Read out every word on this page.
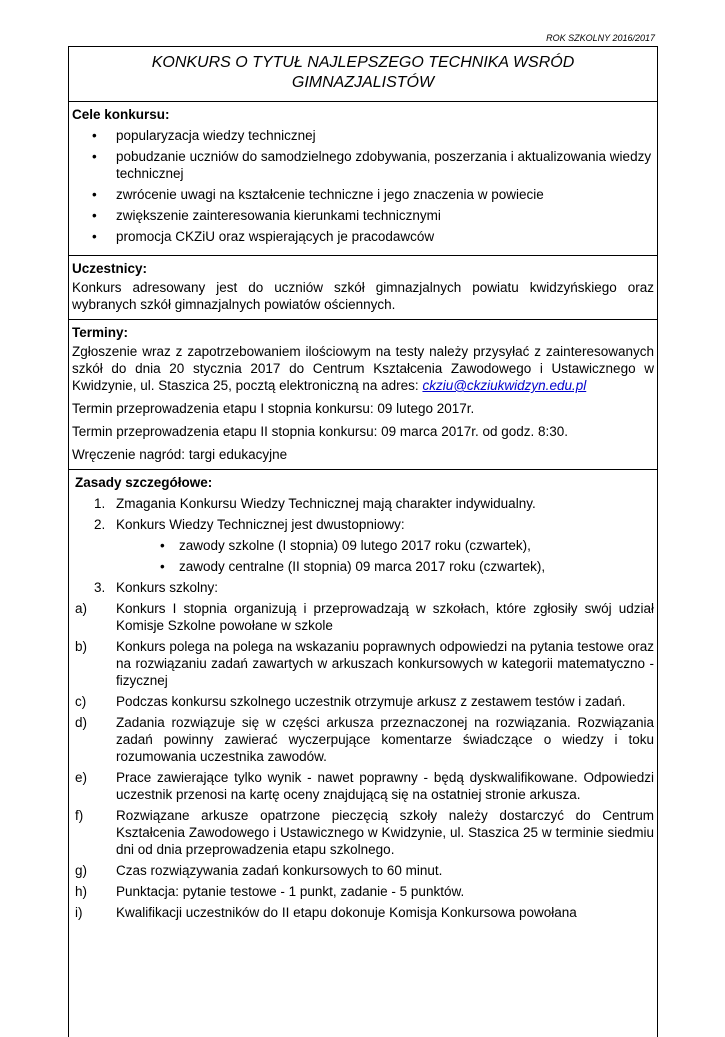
ROK SZKOLNY 2016/2017
KONKURS O TYTUŁ NAJLEPSZEGO TECHNIKA WSRÓD
GIMNAZJALISTÓW
Cele konkursu:
• popularyzacja wiedzy technicznej
• pobudzanie uczniów do samodzielnego zdobywania, poszerzania i aktualizowania wiedzy technicznej
• zwrócenie uwagi na kształcenie techniczne i jego znaczenia w powiecie
• zwiększenie zainteresowania kierunkami technicznymi
• promocja CKZiU oraz wspierających je pracodawców
Uczestnicy:
Konkurs adresowany jest do uczniów szkół gimnazjalnych powiatu kwidzyńskiego oraz wybranych szkół gimnazjalnych powiatów ościennych.
Terminy:
Zgłoszenie wraz z zapotrzebowaniem ilościowym na testy należy przysyłać z zainteresowanych szkół do dnia 20 stycznia 2017 do Centrum Kształcenia Zawodowego i Ustawicznego w Kwidzynie, ul. Staszica 25, pocztą elektroniczną na adres: ckziu@ckziukwidzyn.edu.pl
Termin przeprowadzenia etapu I stopnia konkursu: 09 lutego 2017r.
Termin przeprowadzenia etapu II stopnia konkursu: 09 marca 2017r. od godz. 8:30.
Wręczenie nagród: targi edukacyjne
Zasady szczegółowe:
1. Zmagania Konkursu Wiedzy Technicznej mają charakter indywidualny.
2. Konkurs Wiedzy Technicznej jest dwustopniowy:
• zawody szkolne (I stopnia) 09 lutego 2017 roku (czwartek),
• zawody centralne (II stopnia) 09 marca 2017 roku (czwartek),
3. Konkurs szkolny:
a) Konkurs I stopnia organizują i przeprowadzają w szkołach, które zgłosiły swój udział Komisje Szkolne powołane w szkole
b) Konkurs polega na polega na wskazaniu poprawnych odpowiedzi na pytania testowe oraz na rozwiązaniu zadań zawartych w arkuszach konkursowych w kategorii matematyczno - fizycznej
c) Podczas konkursu szkolnego uczestnik otrzymuje arkusz z zestawem testów i zadań.
d) Zadania rozwiązuje się w części arkusza przeznaczonej na rozwiązania. Rozwiązania zadań powinny zawierać wyczerpujące komentarze świadczące o wiedzy i toku rozumowania uczestnika zawodów.
e) Prace zawierające tylko wynik - nawet poprawny - będą dyskwalifikowane. Odpowiedzi uczestnik przenosi na kartę oceny znajdującą się na ostatniej stronie arkusza.
f) Rozwiązane arkusze opatrzone pieczęcią szkoły należy dostarczyć do Centrum Kształcenia Zawodowego i Ustawicznego w Kwidzynie, ul. Staszica 25 w terminie siedmiu dni od dnia przeprowadzenia etapu szkolnego.
g) Czas rozwiązywania zadań konkursowych to 60 minut.
h) Punktacja: pytanie testowe - 1 punkt, zadanie - 5 punktów.
i) Kwalifikacji uczestników do II etapu dokonuje Komisja Konkursowa powołana
